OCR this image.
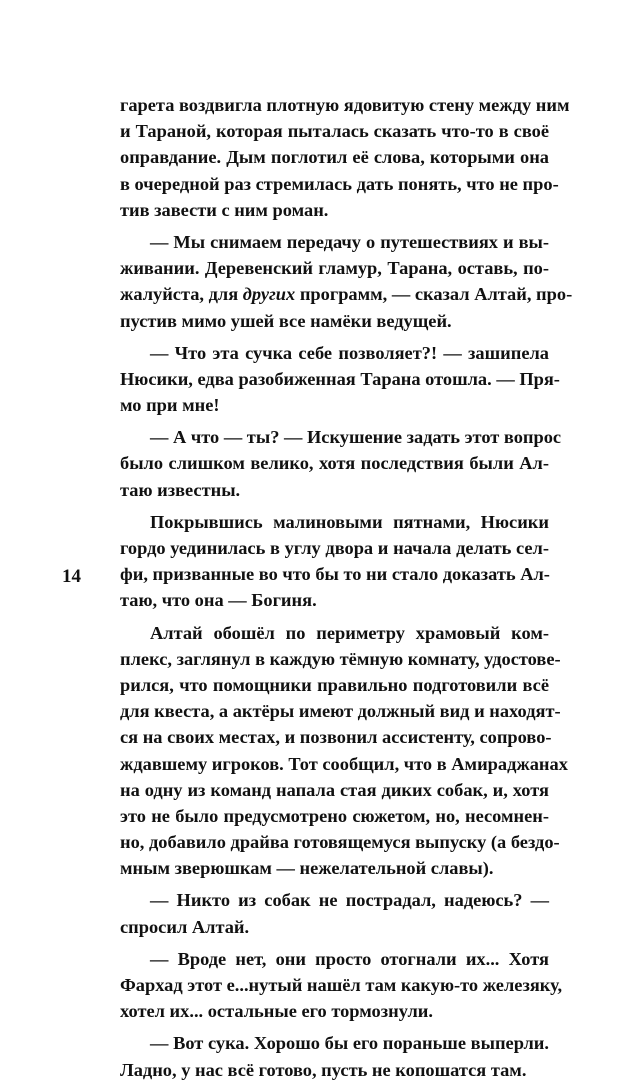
14
гарета воздвигла плотную ядовитую стену между ним
и Тараной, которая пыталась сказать что-то в своё
оправдание. Дым поглотил её слова, которыми она
в очередной раз стремилась дать понять, что не про-
тив завести с ним роман.
— Мы снимаем передачу о путешествиях и вы-
живании. Деревенский гламур, Тарана, оставь, по-
жалуйста, для других программ, — сказал Алтай, про-
пустив мимо ушей все намёки ведущей.
— Что эта сучка себе позволяет?! — зашипела
Нюсики, едва разобиженная Тарана отошла. — Пря-
мо при мне!
— А что — ты? — Искушение задать этот вопрос
было слишком велико, хотя последствия были Ал-
таю известны.
Покрывшись малиновыми пятнами, Нюсики
гордо уединилась в углу двора и начала делать сел-
фи, призванные во что бы то ни стало доказать Ал-
таю, что она — Богиня.
Алтай обошёл по периметру храмовый ком-
плекс, заглянул в каждую тёмную комнату, удостове-
рился, что помощники правильно подготовили всё
для квеста, а актёры имеют должный вид и находят-
ся на своих местах, и позвонил ассистенту, сопрово-
ждавшему игроков. Тот сообщил, что в Амираджанах
на одну из команд напала стая диких собак, и, хотя
это не было предусмотрено сюжетом, но, несомнен-
но, добавило драйва готовящемуся выпуску (а бездо-
мным зверюшкам — нежелательной славы).
— Никто из собак не пострадал, надеюсь? —
спросил Алтай.
— Вроде нет, они просто отогнали их... Хотя
Фархад этот е...нутый нашёл там какую-то железяку,
хотел их... остальные его тормознули.
— Вот сука. Хорошо бы его пораньше выперли.
Ладно, у нас всё готово, пусть не копошатся там.
